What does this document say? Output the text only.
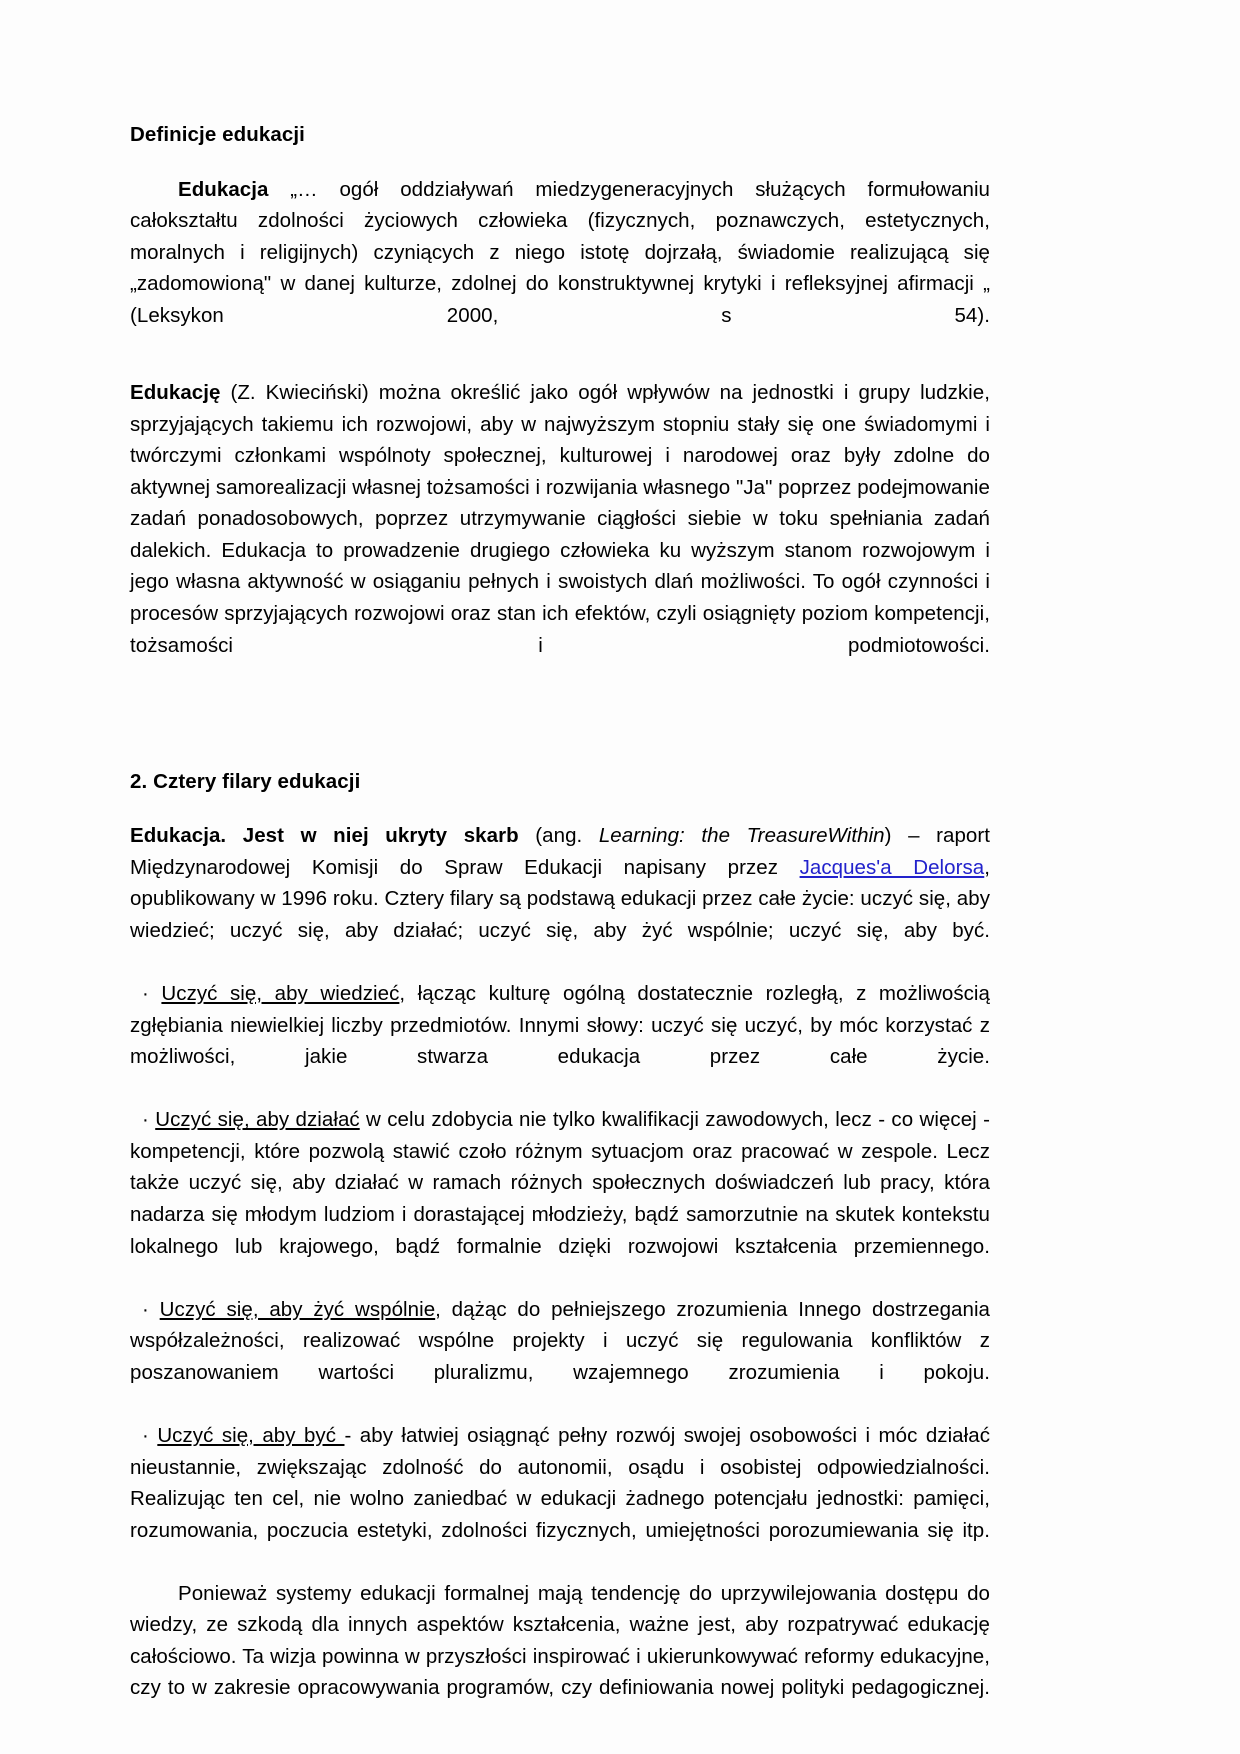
Definicje edukacji

Edukacja „… ogół oddziaływań miedzygeneracyjnych służących formułowaniu całokształtu zdolności życiowych człowieka (fizycznych, poznawczych, estetycznych, moralnych i religijnych) czyniących z niego istotę dojrzałą, świadomie realizującą się „zadomowioną" w danej kulturze, zdolnej do konstruktywnej krytyki i refleksyjnej afirmacji „ (Leksykon 2000, s 54).

Edukację (Z. Kwieciński) można określić jako ogół wpływów na jednostki i grupy ludzkie, sprzyjających takiemu ich rozwojowi, aby w najwyższym stopniu stały się one świadomymi i twórczymi członkami wspólnoty społecznej, kulturowej i narodowej oraz były zdolne do aktywnej samorealizacji własnej tożsamości i rozwijania własnego "Ja" poprzez podejmowanie zadań ponadosobowych, poprzez utrzymywanie ciągłości siebie w toku spełniania zadań dalekich. Edukacja to prowadzenie drugiego człowieka ku wyższym stanom rozwojowym i jego własna aktywność w osiąganiu pełnych i swoistych dlań możliwości. To ogół czynności i procesów sprzyjających rozwojowi oraz stan ich efektów, czyli osiągnięty poziom kompetencji, tożsamości i podmiotowości.

2. Cztery filary edukacji

Edukacja. Jest w niej ukryty skarb (ang. Learning: the TreasureWithin) – raport Międzynarodowej Komisji do Spraw Edukacji napisany przez Jacques'a Delorsa, opublikowany w 1996 roku. Cztery filary są podstawą edukacji przez całe życie: uczyć się, aby wiedzieć; uczyć się, aby działać; uczyć się, aby żyć wspólnie; uczyć się, aby być.

· Uczyć się, aby wiedzieć, łącząc kulturę ogólną dostatecznie rozległą, z możliwością zgłębiania niewielkiej liczby przedmiotów. Innymi słowy: uczyć się uczyć, by móc korzystać z możliwości, jakie stwarza edukacja przez całe życie.

· Uczyć się, aby działać w celu zdobycia nie tylko kwalifikacji zawodowych, lecz - co więcej - kompetencji, które pozwolą stawić czoło różnym sytuacjom oraz pracować w zespole. Lecz także uczyć się, aby działać w ramach różnych społecznych doświadczeń lub pracy, która nadarza się młodym ludziom i dorastającej młodzieży, bądź samorzutnie na skutek kontekstu lokalnego lub krajowego, bądź formalnie dzięki rozwojowi kształcenia przemiennego.

· Uczyć się, aby żyć wspólnie, dążąc do pełniejszego zrozumienia Innego dostrzegania współzależności, realizować wspólne projekty i uczyć się regulowania konfliktów z poszanowaniem wartości pluralizmu, wzajemnego zrozumienia i pokoju.

· Uczyć się, aby być - aby łatwiej osiągnąć pełny rozwój swojej osobowości i móc działać nieustannie, zwiększając zdolność do autonomii, osądu i osobistej odpowiedzialności. Realizując ten cel, nie wolno zaniedbać w edukacji żadnego potencjału jednostki: pamięci, rozumowania, poczucia estetyki, zdolności fizycznych, umiejętności porozumiewania się itp.

Ponieważ systemy edukacji formalnej mają tendencję do uprzywilejowania dostępu do wiedzy, ze szkodą dla innych aspektów kształcenia, ważne jest, aby rozpatrywać edukację całościowo. Ta wizja powinna w przyszłości inspirować i ukierunkowywać reformy edukacyjne, czy to w zakresie opracowywania programów, czy definiowania nowej polityki pedagogicznej.
